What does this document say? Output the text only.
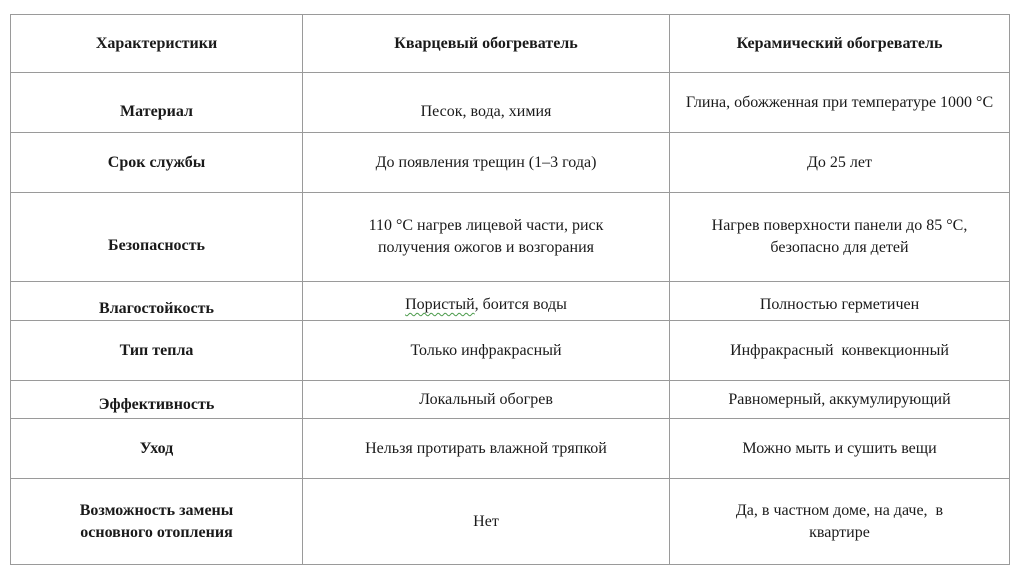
Характеристики	Кварцевый обогреватель	Керамический обогреватель
Материал	Песок, вода, химия	Глина, обожженная при температуре 1000 °С
Срок службы	До появления трещин (1–3 года)	До 25 лет
Безопасность	110 °С нагрев лицевой части, риск получения ожогов и возгорания	Нагрев поверхности панели до 85 °С, безопасно для детей
Влагостойкость	Пористый, боится воды	Полностью герметичен
Тип тепла	Только инфракрасный	Инфракрасный  конвекционный
Эффективность	Локальный обогрев	Равномерный, аккумулирующий
Уход	Нельзя протирать влажной тряпкой	Можно мыть и сушить вещи
Возможность замены основного отопления	Нет	Да, в частном доме, на даче,  в квартире
